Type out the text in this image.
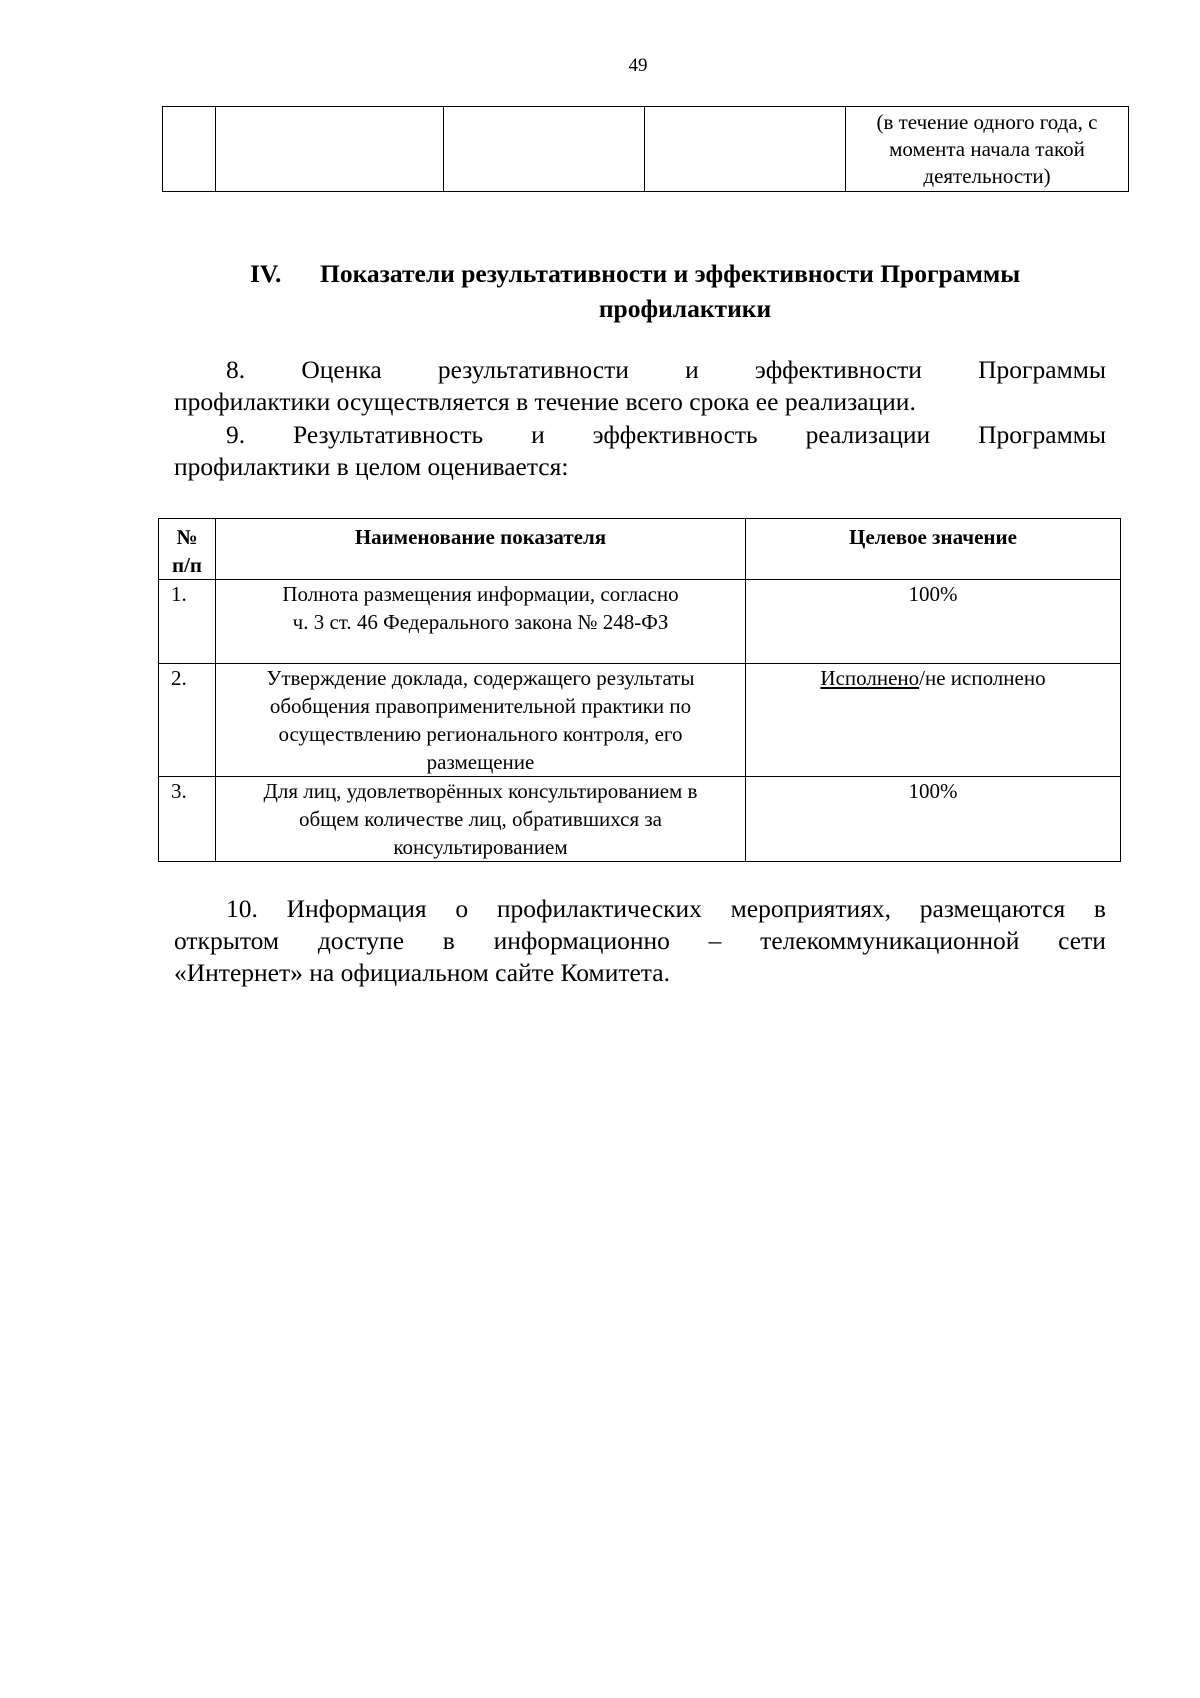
49

(в течение одного года, с
момента начала такой
деятельности)
IV.	Показатели результативности и эффективности Программы
профилактики
8. Оценка результативности и эффективности Программы
профилактики осуществляется в течение всего срока ее реализации.
9. Результативность и эффективность реализации Программы
профилактики в целом оценивается:
№
п/п	Наименование показателя	Целевое значение
1.	Полнота размещения информации, согласно
ч. 3 ст. 46 Федерального закона № 248-ФЗ	100%
2.	Утверждение доклада, содержащего результаты
обобщения правоприменительной практики по
осуществлению регионального контроля, его
размещение	Исполнено/не исполнено
3.	Для лиц, удовлетворённых консультированием в
общем количестве лиц, обратившихся за
консультированием	100%
10. Информация о профилактических мероприятиях, размещаются в
открытом доступе в информационно – телекоммуникационной сети
«Интернет» на официальном сайте Комитета.
